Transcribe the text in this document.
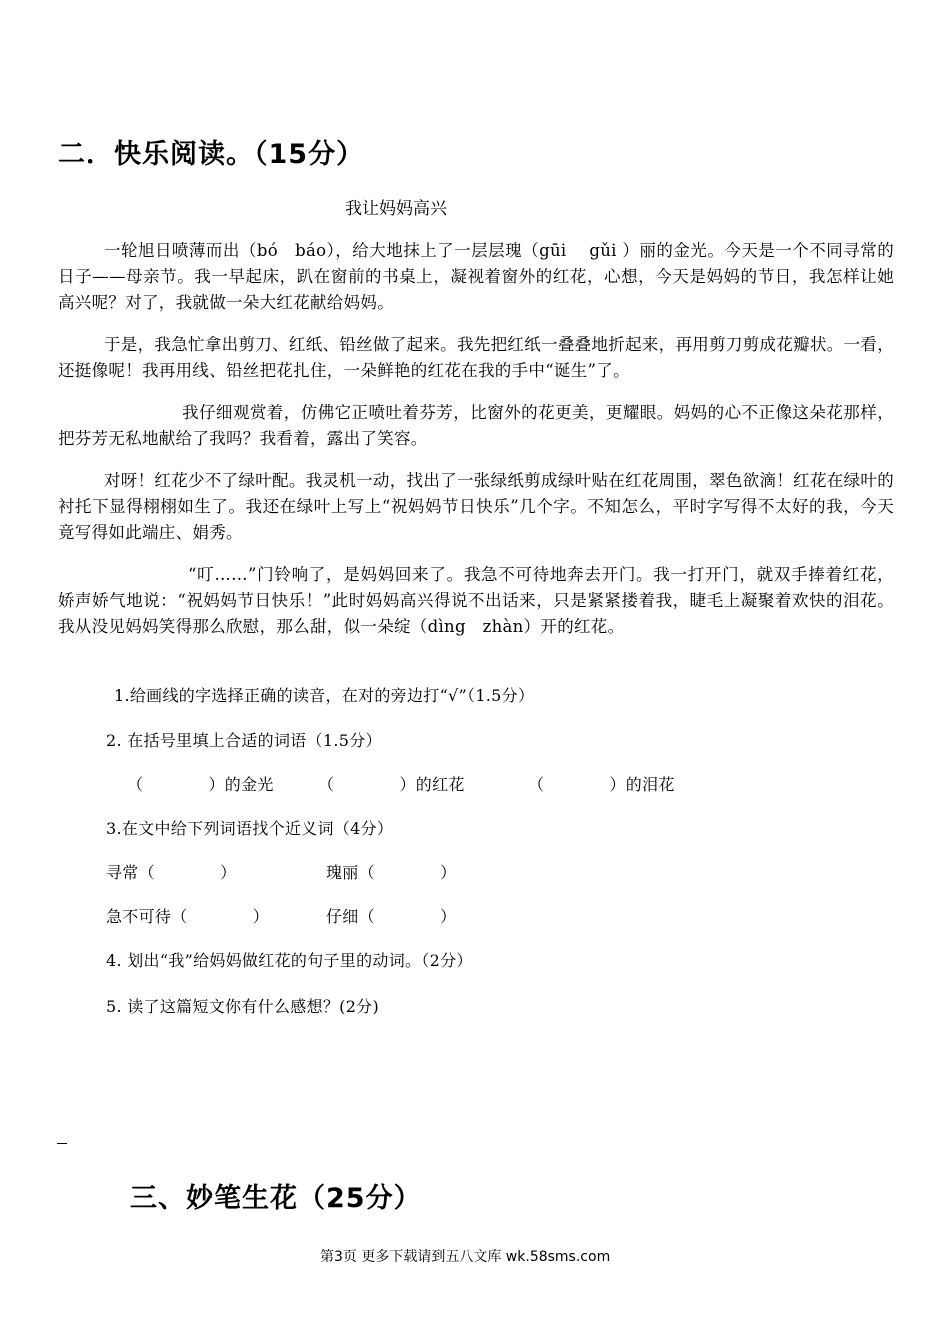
二．快乐阅读。（15分）
我让妈妈高兴
一轮旭日喷薄而出（bó　báo），给大地抹上了一层层瑰（gūi　 gǔi ）丽的金光。今天是一个不同寻常的日子——母亲节。我一早起床，趴在窗前的书桌上，凝视着窗外的红花，心想，今天是妈妈的节日，我怎样让她高兴呢？对了，我就做一朵大红花献给妈妈。
于是，我急忙拿出剪刀、红纸、铅丝做了起来。我先把红纸一叠叠地折起来，再用剪刀剪成花瓣状。一看，还挺像呢！我再用线、铅丝把花扎住，一朵鲜艳的红花在我的手中“诞生”了。
我仔细观赏着，仿佛它正喷吐着芬芳，比窗外的花更美，更耀眼。妈妈的心不正像这朵花那样，把芬芳无私地献给了我吗？我看着，露出了笑容。
对呀！红花少不了绿叶配。我灵机一动，找出了一张绿纸剪成绿叶贴在红花周围，翠色欲滴！红花在绿叶的衬托下显得栩栩如生了。我还在绿叶上写上“祝妈妈节日快乐”几个字。不知怎么，平时字写得不太好的我，今天竟写得如此端庄、娟秀。
“叮……”门铃响了，是妈妈回来了。我急不可待地奔去开门。我一打开门，就双手捧着红花，娇声娇气地说：“祝妈妈节日快乐！”此时妈妈高兴得说不出话来，只是紧紧搂着我，睫毛上凝聚着欢快的泪花。我从没见妈妈笑得那么欣慰，那么甜，似一朵绽（dìng　zhàn）开的红花。
1.给画线的字选择正确的读音，在对的旁边打“√”（1.5分）
2. 在括号里填上合适的词语（1.5分）
（　　　　）的金光	（　　　　）的红花	（　　　　）的泪花
3.在文中给下列词语找个近义词（4分）
寻常（　　　　）	瑰丽（　　　　）
急不可待（　　　　）	仔细（　　　　）
4. 划出“我”给妈妈做红花的句子里的动词。（2分）
5. 读了这篇短文你有什么感想？(2分)
三、妙笔生花（25分）
第3页 更多下载请到五八文库 wk.58sms.com
